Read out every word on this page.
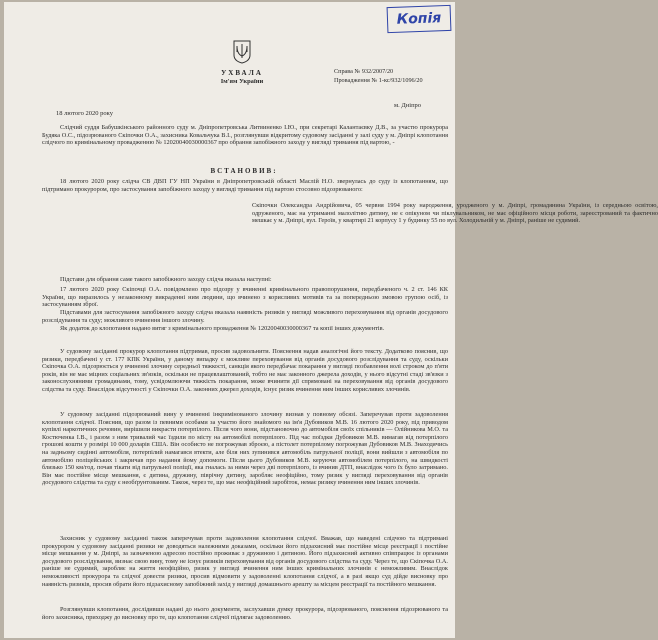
Копія
УХВАЛА
Ім'ям України
Справа № 932/2007/20
Провадження № 1-кс/932/1096/20
м. Дніпро
18 лютого 2020 року
Слідчий суддя Бабушкінського районного суду м. Дніпропетровська Литвиненко І.Ю., при секретарі Калантаєвку Д.В., за участю прокурора Будяка О.С., підозрюваного Скіпочки О.А., захисника Ковальчука В.І., розглянувши відкритому судовому засіданні у залі суду у м. Дніпрі клопотання слідчого по кримінальному провадженню № 12020040030000367 про обрання запобіжного заходу у вигляді тримання під вартою, -
ВСТАНОВИВ:
18 лютого 2020 року слідча СВ ДВП ГУ НП України в Дніпропетровській області Маслій Н.О. звернулась до суду із клопотанням, що підтримано прокурором, про застосування запобіжного заходу у вигляді тримання під вартою стосовно підозрюваного:
Скіпочки Олександра Андрійовича, 05 червня 1994 року народження, уродженого у м. Дніпрі, громадянина України, із середньою освітою, одруженого, має на утриманні малолітню дитину, не є опікуном чи піклувальником, не має офіційного місця роботи, зареєстрований та фактично мешкає у м. Дніпрі, вул. Героїв, у квартирі 21 корпусу 1 у будинку 55 по вул. Холодильній у м. Дніпрі, раніше не судимий.
Підстави для обрання саме такого запобіжного заходу слідча вказала наступні:
17 лютого 2020 року Скіпочці О.А. повідомлено про підозру у вчиненні кримінального правопорушення, передбаченого ч. 2 ст. 146 КК України, що виразилось у незаконному викраденні ним людини, що вчинено з корисливих мотивів та за попередньою змовою групою осіб, із застосуванням зброї.
Підставами для застосування запобіжного заходу слідча вказала наявність ризиків у вигляді можливого переховування від органів досудового розслідування та суду; можливого вчинення іншого злочину.
Як додаток до клопотання надано витяг з кримінального провадження № 12020040030000367 та копії інших документів.
У судовому засіданні прокурор клопотання підтримав, просив задовольнити. Пояснення надав аналогічні його тексту. Додатково пояснив, що ризики, передбачені у ст. 177 КПК України, у даному випадку є можливе переховування від органів досудового розслідування та суду, оскільки Скіпочка О.А. підозрюється у вчиненні злочину середньої тяжкості, санкція якого передбачає покарання у вигляді позбавлення волі строком до п'яти років, він не має міцних соціальних зв'язків, оскільки не працевлаштований, тобто не має законного джерела доходів, у нього відсутні стаді зв'язки з законослухняними громадянами, тому, усвідомлюючи тяжкість покарання, може вчинити дії спрямовані на переховування від органів досудового слідства та суду. Внаслідок відсутності у Скіпочки О.А. законних джерел доходів, існує ризик вчинення ним інших корисливих злочинів.
У судовому засіданні підозрюваний вину у вчиненні інкримінованого злочину визнав у повному обсязі. Заперечував проти задоволення клопотання слідчої. Пояснив, що разом із певними особами за участю його знайомого на ім'я Дубовиков М.В. 16 лютого 2020 року, під приводом купівлі наркотичних речовин, вирішили викрасти потерпілого. Після чого вони, підстановочно до автомобіля своїх спільників — Олійникова М.О. та Костюченка І.В., і разом з ним тривалий час їздили по місту на автомобілі потерпілого. Під час поїздки Дубовиков М.В. вимагав від потерпілого грошові кошти у розмірі 10 000 доларів США. Він особисто не погрожував зброєю, а пістолет потерпілому погрожував Дубовиков М.В. Знаходячись на задньому сидінні автомобіля, потерпілий намагався втекти, але біля них зупинився автомобіль патрульної поліції, вони вийшли з автомобіля по автомобілю поліцейських і закричав про надання йому допомоги. Після цього Дубовиков М.В. керуючи автомобілем потерпілого, на швидкості близько 150 км/год. почав тікати від патрульної поліції, яка гналась за ними через дві потерпілого, із вчинив ДТП, внаслідок чого їх було затримано. Він має постійне місце мешкання, є дитина, дружину, піврічну дитину, заробляє неофіційно, тому ризик у вигляді переховування від органів досудового слідства та суду є необґрунтованим. Також, через те, що має неофіційний заробіток, немає ризику вчинення ним інших злочинів.
Захисник у судовому засіданні також заперечував проти задоволення клопотання слідчої. Вважав, що наведені слідчою та підтримані прокурором у судовому засіданні ризики не доводяться належними доказами, оскільки його підзахисний має постійне місце реєстрації і постійне місце мешкання у м. Дніпрі, за зазначеною адресою постійно проживає з дружиною і дитиною. Його підзахисний активно співпрацює із органами досудового розслідування, визнає свою вину, тому не існує ризиків переховування від органів досудового слідства та суду. Через те, що Скіпочка О.А. раніше не судимий, заробляє на життя неофіційно, ризик у вигляді вчинення ним інших кримінальних злочинів є неможливим. Внаслідок неможливості прокурора та слідчої довести ризики, просив відмовити у задоволенні клопотання слідчої, а в разі якщо суд дійде висновку про наявність ризиків, просив обрати його підзахисному запобіжний захід у вигляді домашнього арешту за місцем реєстрації та постійного мешкання.
Розглянувши клопотання, дослідивши надані до нього документи, заслухавши думку прокурора, підозрюваного, пояснення підозрюваного та його захисника, приходжу до висновку про те, що клопотання слідчої підлягає задоволенню.
